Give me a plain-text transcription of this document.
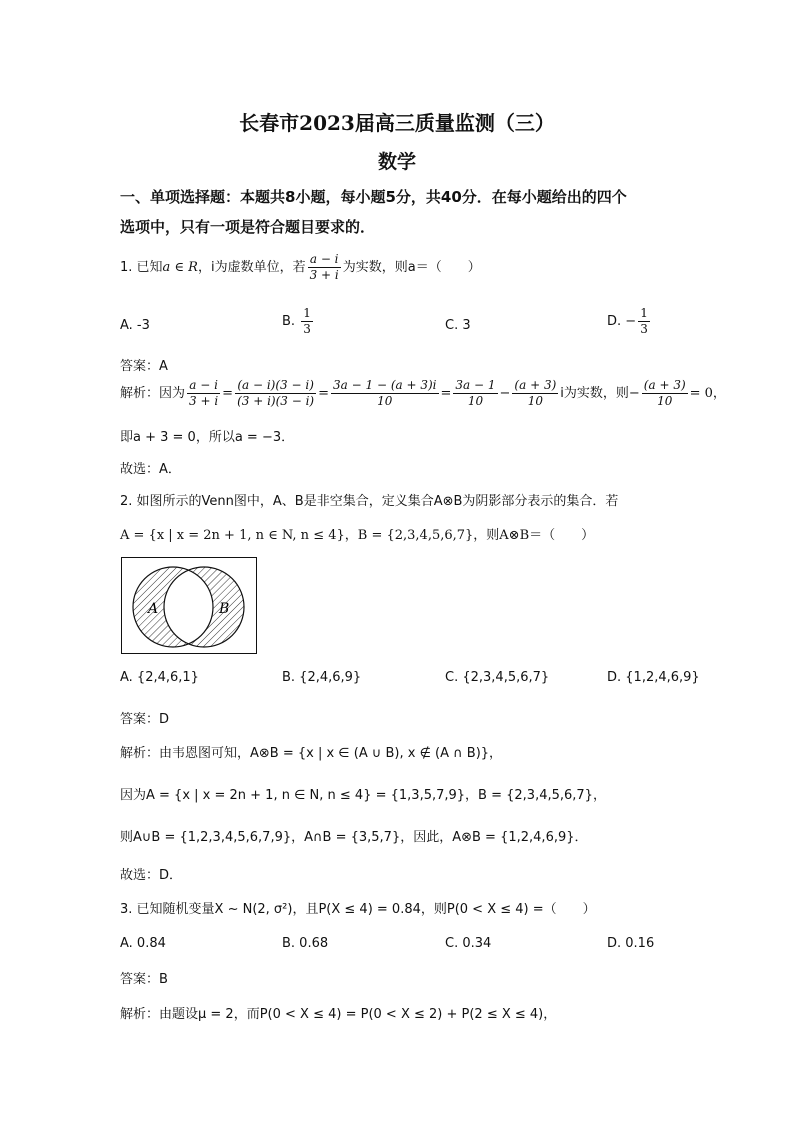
长春市2023届高三质量监测（三）
数学
一、单项选择题：本题共8小题，每小题5分，共40分．在每小题给出的四个
选项中，只有一项是符合题目要求的．
1. 已知a ∈ R，i为虚数单位，若 $\frac{a - i}{3 + i}$ 为实数，则a＝（　　）
A. -3	B. $\frac{1}{3}$	C. 3	D. − $\frac{1}{3}$
答案：A
解析：因为 $\frac{a - i}{3 + i} = \frac{(a - i)(3 - i)}{(3 + i)(3 - i)} = \frac{3a - 1 - (a + 3)i}{10} = \frac{3a - 1}{10} - \frac{(a + 3)}{10}$ i为实数，则− $\frac{(a + 3)}{10} = 0$，
即a + 3 = 0，所以a = −3．
故选：A．
2. 如图所示的Venn图中，A、B是非空集合，定义集合A⊗B为阴影部分表示的集合．若
A = {x | x = 2n + 1, n ∈ N, n ≤ 4}，B = {2,3,4,5,6,7}，则A⊗B＝（　　）
A	B
A. {2,4,6,1}	B. {2,4,6,9}	C. {2,3,4,5,6,7}	D. {1,2,4,6,9}
答案：D
解析：由韦恩图可知，A⊗B = {x | x ∈ (A ∪ B), x ∉ (A ∩ B)}，
因为A = {x | x = 2n + 1, n ∈ N, n ≤ 4} = {1,3,5,7,9}，B = {2,3,4,5,6,7}，
则A∪B = {1,2,3,4,5,6,7,9}，A∩B = {3,5,7}，因此，A⊗B = {1,2,4,6,9}．
故选：D．
3. 已知随机变量X ~ N(2, σ²)，且P(X ≤ 4) = 0.84，则P(0 < X ≤ 4) =（　　）
A. 0.84	B. 0.68	C. 0.34	D. 0.16
答案：B
解析：由题设μ = 2，而P(0 < X ≤ 4) = P(0 < X ≤ 2) + P(2 ≤ X ≤ 4)，
